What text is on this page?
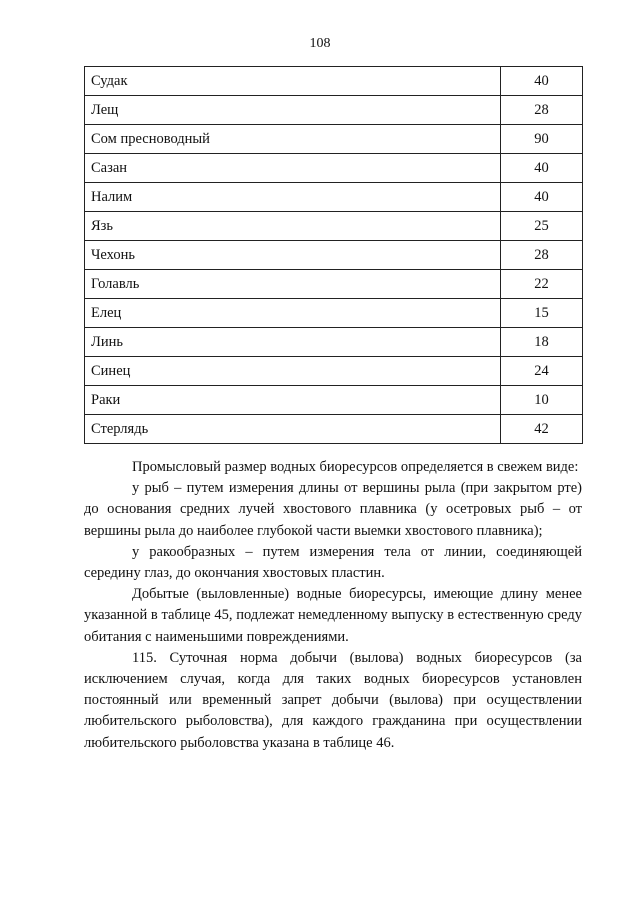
108
Судак	40
Лещ	28
Сом пресноводный	90
Сазан	40
Налим	40
Язь	25
Чехонь	28
Голавль	22
Елец	15
Линь	18
Синец	24
Раки	10
Стерлядь	42

Промысловый размер водных биоресурсов определяется в свежем виде:

у рыб – путем измерения длины от вершины рыла (при закрытом рте) до основания средних лучей хвостового плавника (у осетровых рыб – от вершины рыла до наиболее глубокой части выемки хвостового плавника);

у ракообразных – путем измерения тела от линии, соединяющей середину глаз, до окончания хвостовых пластин.

Добытые (выловленные) водные биоресурсы, имеющие длину менее указанной в таблице 45, подлежат немедленному выпуску в естественную среду обитания с наименьшими повреждениями.

115. Суточная норма добычи (вылова) водных биоресурсов (за исключением случая, когда для таких водных биоресурсов установлен постоянный или временный запрет добычи (вылова) при осуществлении любительского рыболовства), для каждого гражданина при осуществлении любительского рыболовства указана в таблице 46.
